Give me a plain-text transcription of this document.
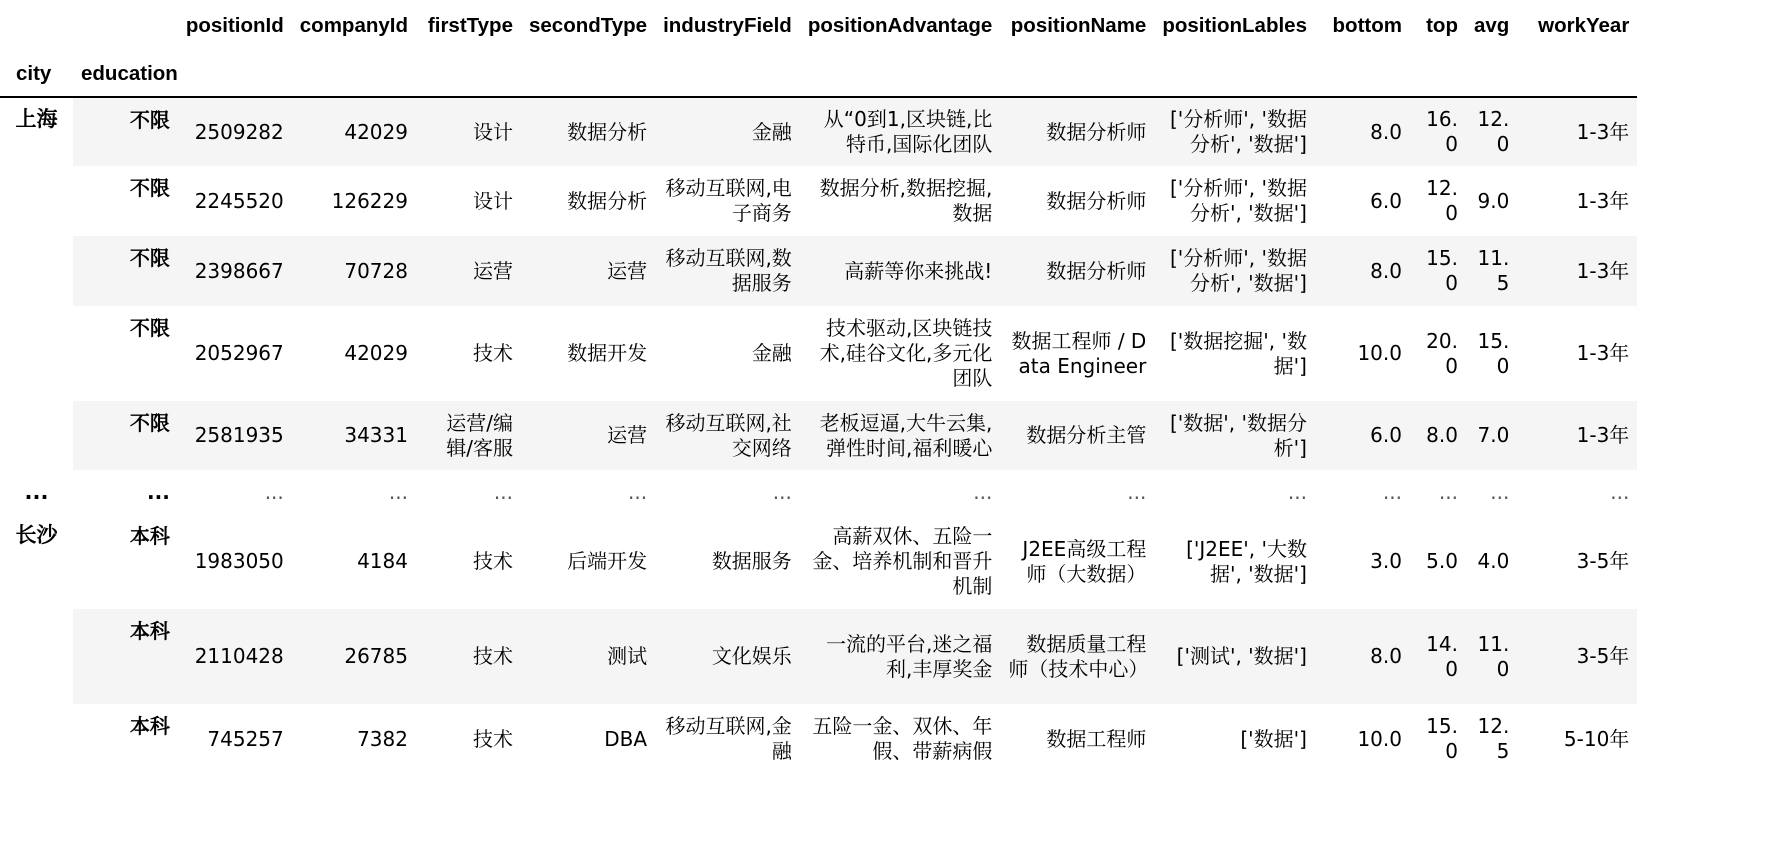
		positionId	companyId	firstType	secondType	industryField	positionAdvantage	positionName	positionLables	bottom	top	avg	workYear
city	education												
上海	不限	2509282	42029	设计	数据分析	金融	从“0到1,区块链,比特币,国际化团队	数据分析师	['分析师', '数据分析', '数据']	8.0	16.0	12.0	1-3年
	不限	2245520	126229	设计	数据分析	移动互联网,电子商务	数据分析,数据挖掘,数据	数据分析师	['分析师', '数据分析', '数据']	6.0	12.0	9.0	1-3年
	不限	2398667	70728	运营	运营	移动互联网,数据服务	高薪等你来挑战!	数据分析师	['分析师', '数据分析', '数据']	8.0	15.0	11.5	1-3年
	不限	2052967	42029	技术	数据开发	金融	技术驱动,区块链技术,硅谷文化,多元化团队	数据工程师 / Data Engineer	['数据挖掘', '数据']	10.0	20.0	15.0	1-3年
	不限	2581935	34331	运营/编辑/客服	运营	移动互联网,社交网络	老板逗逼,大牛云集,弹性时间,福利暖心	数据分析主管	['数据', '数据分析']	6.0	8.0	7.0	1-3年
...	...	...	...	...	...	...	...	...	...	...	...	...	...
长沙	本科	1983050	4184	技术	后端开发	数据服务	高薪双休、五险一金、培养机制和晋升机制	J2EE高级工程师（大数据）	['J2EE', '大数据', '数据']	3.0	5.0	4.0	3-5年
	本科	2110428	26785	技术	测试	文化娱乐	一流的平台,迷之福利,丰厚奖金	数据质量工程师（技术中心）	['测试', '数据']	8.0	14.0	11.0	3-5年
	本科	745257	7382	技术	DBA	移动互联网,金融	五险一金、双休、年假、带薪病假	数据工程师	['数据']	10.0	15.0	12.5	5-10年
